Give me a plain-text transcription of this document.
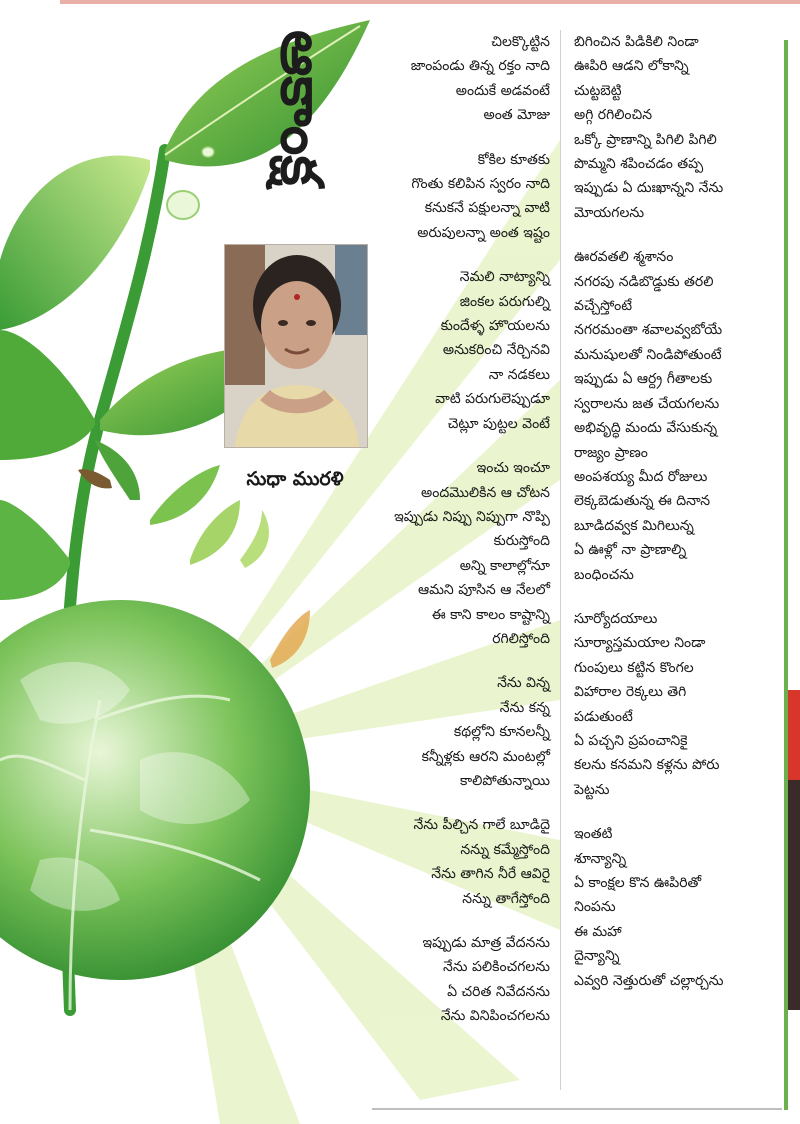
ఆకాంక్ష
సుధా మురళి
చిలక్కొట్టిన
జాంపండు తిన్న రక్తం నాది
అందుకే అడవంటే
అంత మోజు
కోకిల కూతకు
గొంతు కలిపిన స్వరం నాది
కనుకనే పక్షులన్నా వాటి
అరుపులన్నా అంత ఇష్టం
నెమలి నాట్యాన్ని
జింకల పరుగుల్ని
కుందేళ్ళ హొయలను
అనుకరించి నేర్చినవి
నా నడకలు
వాటి పరుగులెప్పుడూ
చెట్లూ పుట్టల వెంటే
ఇంచు ఇంచూ
అందమొలికిన ఆ చోటన
ఇప్పుడు నిప్పు నిప్పుగా నొప్పి
కురుస్తోంది
అన్ని కాలాల్లోనూ
ఆమని పూసిన ఆ నేలలో
ఈ కాని కాలం కాష్టాన్ని
రగిలిస్తోంది
నేను విన్న
నేను కన్న
కథల్లోని కూనలన్నీ
కన్నీళ్లకు ఆరని మంటల్లో
కాలిపోతున్నాయి
నేను పీల్చిన గాలే బూడిదై
నన్ను కమ్మేస్తోంది
నేను తాగిన నీరే ఆవిరై
నన్ను తాగేస్తోంది
ఇప్పుడు మాత్ర వేదనను
నేను పలికించగలను
ఏ చరిత నివేదనను
నేను వినిపించగలను
బిగించిన పిడికిలి నిండా
ఊపిరి ఆడని లోకాన్ని
చుట్టబెట్టి
అగ్గి రగిలించిన
ఒక్కో ప్రాణాన్ని పిగిలి పిగిలి
పొమ్మని శపించడం తప్ప
ఇప్పుడు ఏ దుఃఖాన్నని నేను
మోయగలను
ఊరవతలి శ్మశానం
నగరపు నడిబొడ్డుకు తరలి
వచ్చేస్తోంటే
నగరమంతా శవాలవ్వబోయే
మనుషులతో నిండిపోతుంటే
ఇప్పుడు ఏ ఆర్ద్ర గీతాలకు
స్వరాలను జత చేయగలను
అభివృద్ధి మందు వేసుకున్న
రాజ్యం ప్రాణం
అంపశయ్య మీద రోజులు
లెక్కబెడుతున్న ఈ దినాన
బూడిదవ్వక మిగిలున్న
ఏ ఊళ్లో నా ప్రాణాల్ని
బంధించను
సూర్యోదయాలు
సూర్యాస్తమయాల నిండా
గుంపులు కట్టిన కొంగల
విహారాల రెక్కలు తెగి
పడుతుంటే
ఏ పచ్చని ప్రపంచానికై
కలను కనమని కళ్లను పోరు
పెట్టను
ఇంతటి
శూన్యాన్ని
ఏ కాంక్షల కొన ఊపిరితో
నింపను
ఈ మహా
దైన్యాన్ని
ఎవ్వరి నెత్తురుతో చల్లార్చను
